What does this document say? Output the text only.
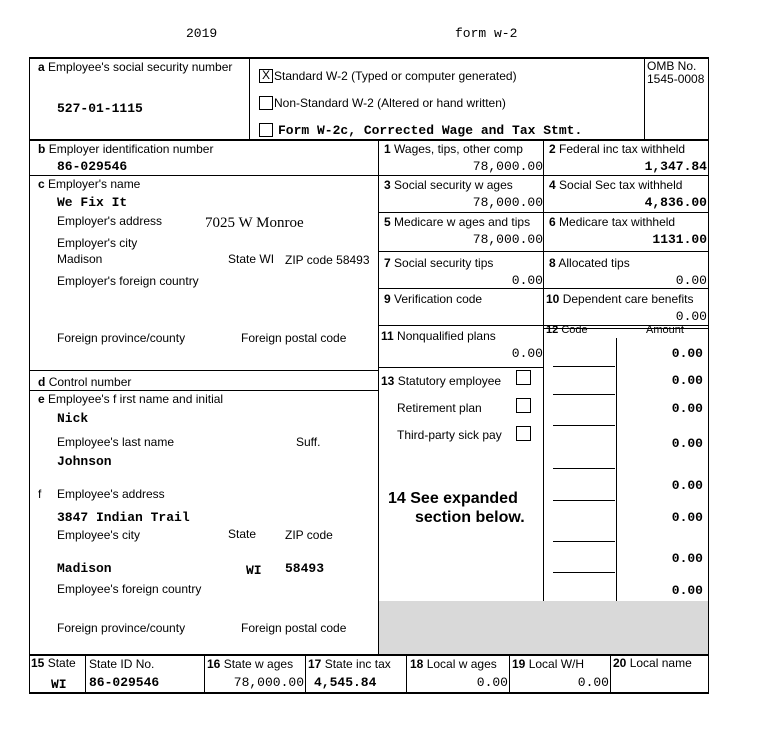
2019	form w-2
a Employee's social security number
527-01-1115
X Standard W-2 (Typed or computer generated)
Non-Standard W-2 (Altered or hand written)
Form W-2c, Corrected Wage and Tax Stmt.
OMB No.
1545-0008
b Employer identification number
86-029546
c Employer's name
We Fix It
Employer's address	7025 W Monroe
Employer's city
Madison	State WI ZIP code 58493
Employer's foreign country
Foreign province/county	Foreign postal code
d Control number
e Employee's f irst name and initial
Nick
Employee's last name	Suff.
Johnson
f Employee's address
3847 Indian Trail
Employee's city	State ZIP code
Madison	WI 58493
Employee's foreign country
Foreign province/county	Foreign postal code
1 Wages, tips, other comp
78,000.00
2 Federal inc tax withheld
1,347.84
3 Social security w ages
78,000.00
4 Social Sec tax withheld
4,836.00
5 Medicare w ages and tips
78,000.00
6 Medicare tax withheld
1131.00
7 Social security tips
0.00
8 Allocated tips
0.00
9 Verification code	10 Dependent care benefits
0.00
11 Nonqualified plans
0.00
12 Code	Amount
0.00
0.00
0.00
0.00
0.00
0.00
0.00
0.00
13 Statutory employee
Retirement plan
Third-party sick pay
14 See expanded
section below.
15 State
WI
State ID No.
86-029546
16 State w ages
78,000.00
17 State inc tax
4,545.84
18 Local w ages
0.00
19 Local W/H
0.00
20 Local name
